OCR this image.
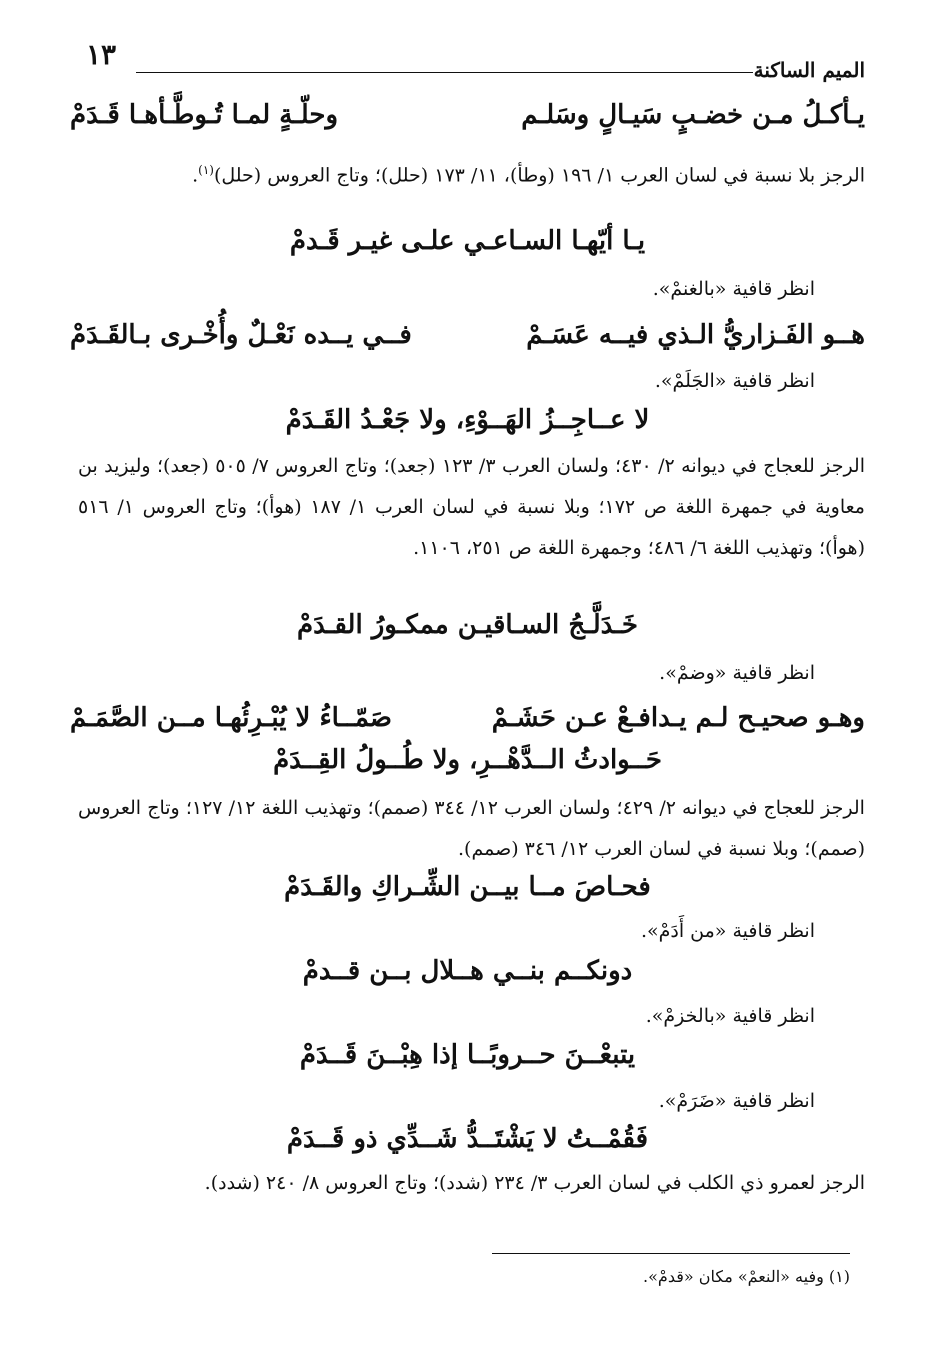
١٣	الميم الساكنة
يـأكـلُ مـن خضـبٍ سَيـالٍ وسَلـم
وحلّـةٍ لمـا تُـوطَّـأهـا قَـدَمْ
الرجز بلا نسبة في لسان العرب ١/ ١٩٦ (وطأ)، ١١/ ١٧٣ (حلل)؛ وتاج العروس (حلل)$^{(١)}$.
يـا أيّهـا السـاعـي علـى غيـر قَـدمْ
انظر قافية «بالغنمْ».
هــو الفَـزاريُّ الـذي فيــه عَسَـمْ
فــي يــده نَعْـلٌ وأُخْـرى بـالقَـدَمْ
انظر قافية «الجَلَمْ».
لا عــاجِــزُ الهَــوْءِ، ولا جَعْـدُ القَـدَمْ
الرجز للعجاج في ديوانه ٢/ ٤٣٠؛ ولسان العرب ٣/ ١٢٣ (جعد)؛ وتاج العروس ٧/ ٥٠٥ (جعد)؛ وليزيد بن معاوية في جمهرة اللغة ص ١٧٢؛ وبلا نسبة في لسان العرب ١/ ١٨٧ (هوأ)؛ وتاج العروس ١/ ٥١٦ (هوأ)؛ وتهذيب اللغة ٦/ ٤٨٦؛ وجمهرة اللغة ص ٢٥١، ١١٠٦.
خَـدَلَّـجُ السـاقيـن ممكـورُ القـدَمْ
انظر قافية «وضمْ».
وهـو صحيـح لـم يـدافـعْ عـن حَشَـمْ
صَمّــاءُ لا يُبْـرِئُهـا مــن الصَّمَـمْ
حَــوادثُ الــدَّهْــرِ، ولا طُــولُ القِــدَمْ
الرجز للعجاج في ديوانه ٢/ ٤٢٩؛ ولسان العرب ١٢/ ٣٤٤ (صمم)؛ وتهذيب اللغة ١٢/ ١٢٧؛ وتاج العروس (صمم)؛ وبلا نسبة في لسان العرب ١٢/ ٣٤٦ (صمم).
فحـاصَ مــا بيــن الشِّـراكِ والقَـدَمْ
انظر قافية «من أَدَمْ».
دونكــم بنــي هــلال بــن قــدمْ
انظر قافية «بالخزمْ».
يتبعْــنَ حــروبًــا إذا هِبْــنَ قَــدَمْ
انظر قافية «ضَرَمْ».
فَقُمْــتُ لا يَشْتَــدُّ شَــدِّي ذو قَــدَمْ
الرجز لعمرو ذي الكلب في لسان العرب ٣/ ٢٣٤ (شدد)؛ وتاج العروس ٨/ ٢٤٠ (شدد).
(١) وفيه «النعمْ» مكان «قدمْ».
